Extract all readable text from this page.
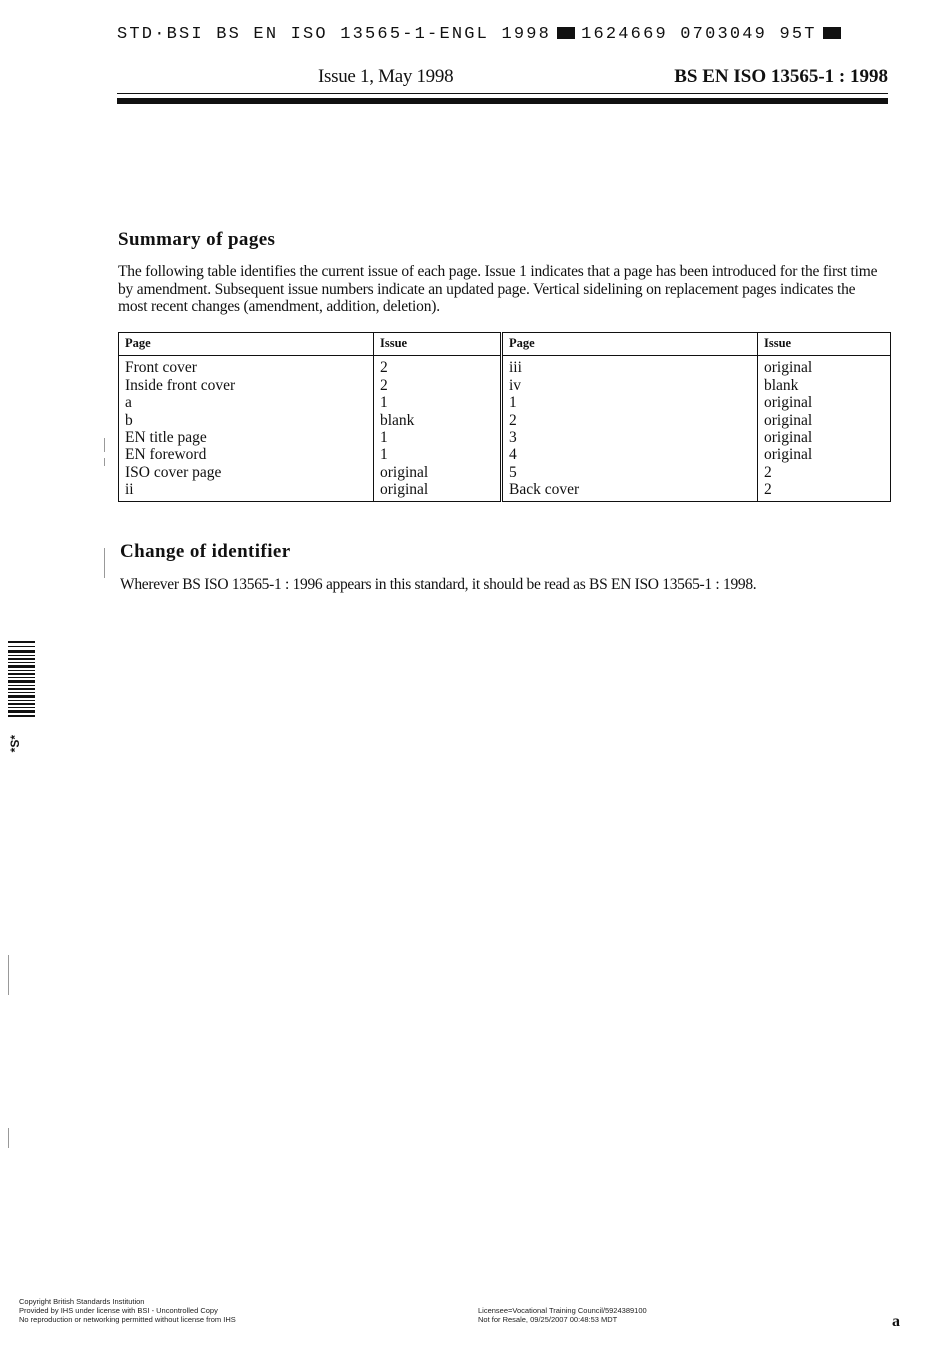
STD·BSI BS EN ISO 13565-1-ENGL 1998 1624669 0703049 95T
Issue 1, May 1998	BS EN ISO 13565-1 : 1998
Summary of pages

The following table identifies the current issue of each page. Issue 1 indicates that a page has been introduced for the first time by amendment. Subsequent issue numbers indicate an updated page. Vertical sidelining on replacement pages indicates the most recent changes (amendment, addition, deletion).

Page	Issue	Page	Issue
Front cover	2	iii	original
Inside front cover	2	iv	blank
a	1	1	original
b	blank	2	original
EN title page	1	3	original
EN foreword	1	4	original
ISO cover page	original	5	2
ii	original	Back cover	2
Change of identifier

Wherever BS ISO 13565-1 : 1996 appears in this standard, it should be read as BS EN ISO 13565-1 : 1998.

*S*
Copyright British Standards Institution
Provided by IHS under license with BSI - Uncontrolled Copy
No reproduction or networking permitted without license from IHS
Licensee=Vocational Training Council/5924389100
Not for Resale, 09/25/2007 00:48:53 MDT	a
